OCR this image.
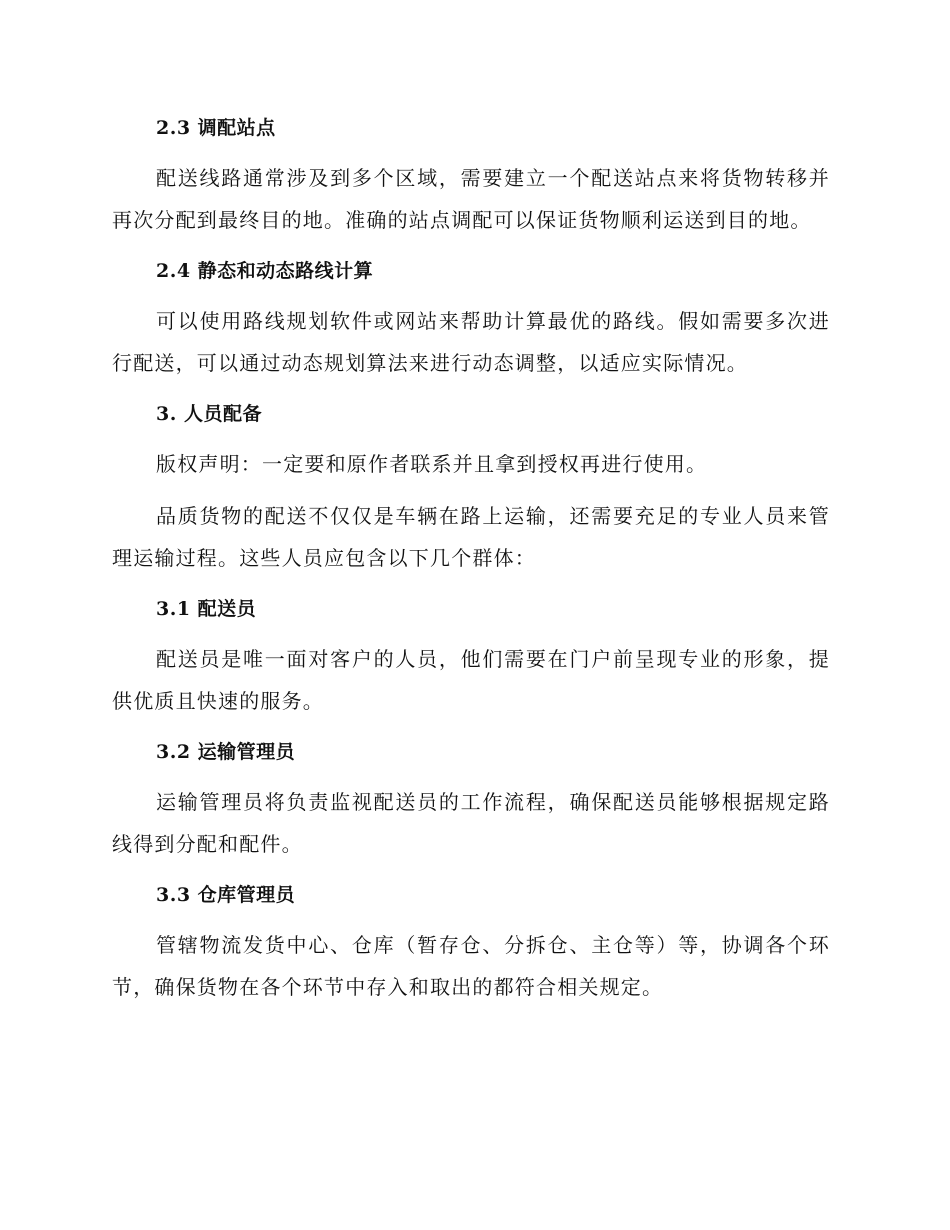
2.3 调配站点

配送线路通常涉及到多个区域，需要建立一个配送站点来将货物转移并再次分配到最终目的地。准确的站点调配可以保证货物顺利运送到目的地。

2.4 静态和动态路线计算

可以使用路线规划软件或网站来帮助计算最优的路线。假如需要多次进行配送，可以通过动态规划算法来进行动态调整，以适应实际情况。

3. 人员配备

版权声明：一定要和原作者联系并且拿到授权再进行使用。

品质货物的配送不仅仅是车辆在路上运输，还需要充足的专业人员来管理运输过程。这些人员应包含以下几个群体：

3.1 配送员

配送员是唯一面对客户的人员，他们需要在门户前呈现专业的形象，提供优质且快速的服务。

3.2 运输管理员

运输管理员将负责监视配送员的工作流程，确保配送员能够根据规定路线得到分配和配件。

3.3 仓库管理员

管辖物流发货中心、仓库（暂存仓、分拆仓、主仓等）等，协调各个环节，确保货物在各个环节中存入和取出的都符合相关规定。
